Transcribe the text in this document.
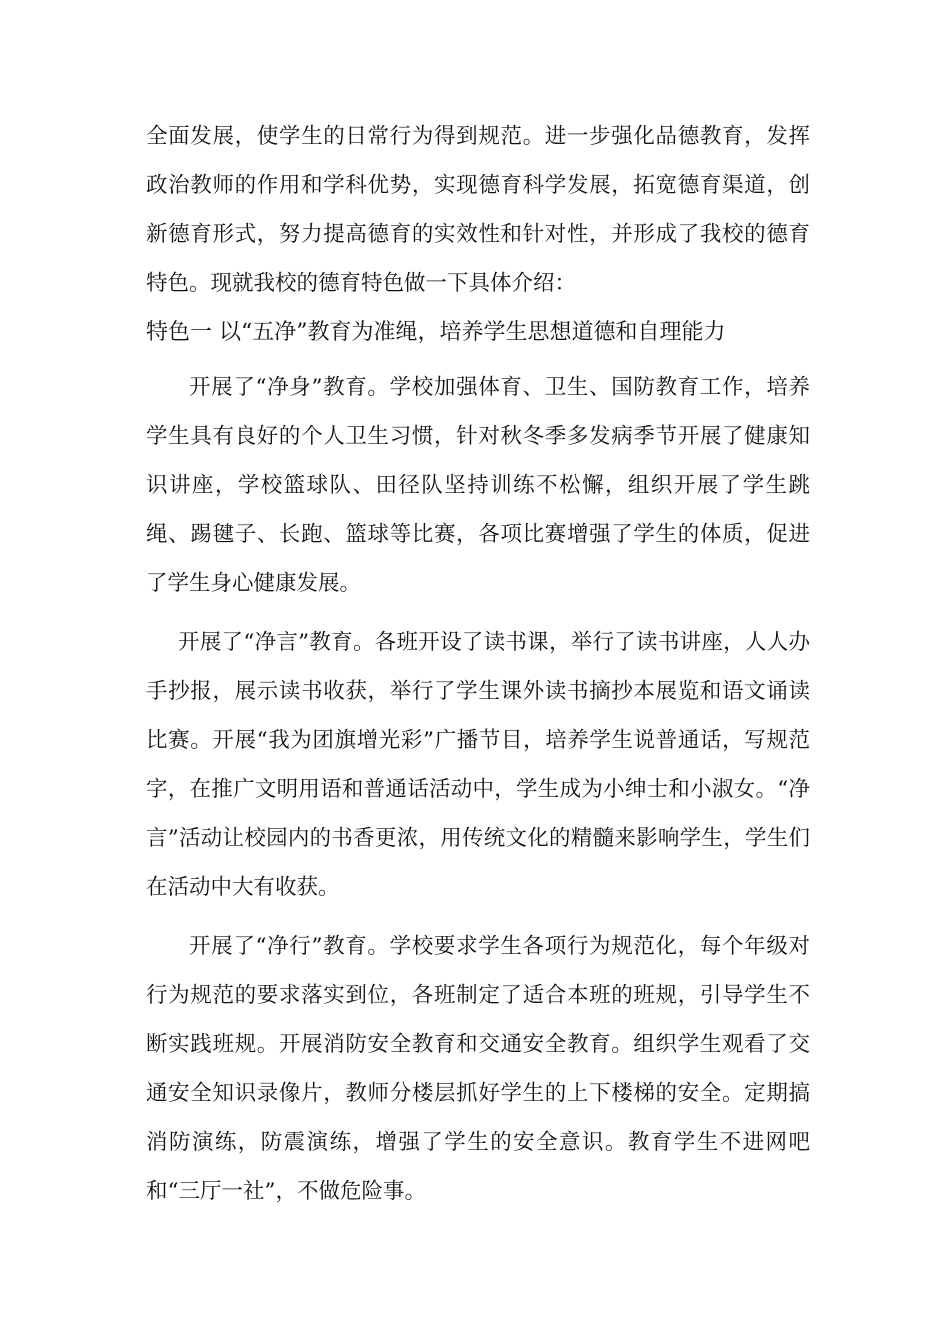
全面发展，使学生的日常行为得到规范。进一步强化品德教育，发挥政治教师的作用和学科优势，实现德育科学发展，拓宽德育渠道，创新德育形式，努力提高德育的实效性和针对性，并形成了我校的德育特色。现就我校的德育特色做一下具体介绍：

特色一 以“五净”教育为准绳，培养学生思想道德和自理能力

开展了“净身”教育。学校加强体育、卫生、国防教育工作，培养学生具有良好的个人卫生习惯，针对秋冬季多发病季节开展了健康知识讲座，学校篮球队、田径队坚持训练不松懈，组织开展了学生跳绳、踢毽子、长跑、篮球等比赛，各项比赛增强了学生的体质，促进了学生身心健康发展。

开展了“净言”教育。各班开设了读书课，举行了读书讲座，人人办手抄报，展示读书收获，举行了学生课外读书摘抄本展览和语文诵读比赛。开展“我为团旗增光彩”广播节目，培养学生说普通话，写规范字，在推广文明用语和普通话活动中，学生成为小绅士和小淑女。“净言”活动让校园内的书香更浓，用传统文化的精髓来影响学生，学生们在活动中大有收获。

开展了“净行”教育。学校要求学生各项行为规范化，每个年级对行为规范的要求落实到位，各班制定了适合本班的班规，引导学生不断实践班规。开展消防安全教育和交通安全教育。组织学生观看了交通安全知识录像片，教师分楼层抓好学生的上下楼梯的安全。定期搞消防演练，防震演练，增强了学生的安全意识。教育学生不进网吧和“三厅一社”，不做危险事。
